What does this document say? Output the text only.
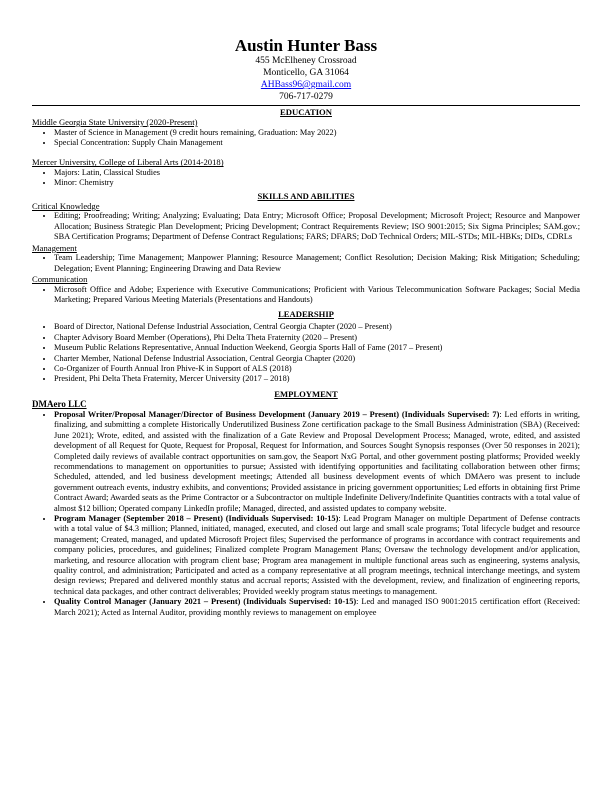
Austin Hunter Bass
455 McElheney Crossroad
Monticello, GA 31064
AHBass96@gmail.com
706-717-0279
EDUCATION
Middle Georgia State University (2020-Present)
• Master of Science in Management (9 credit hours remaining, Graduation: May 2022)
• Special Concentration: Supply Chain Management
Mercer University, College of Liberal Arts (2014-2018)
• Majors: Latin, Classical Studies
• Minor: Chemistry
SKILLS AND ABILITIES
Critical Knowledge
• Editing; Proofreading; Writing; Analyzing; Evaluating; Data Entry; Microsoft Office; Proposal Development; Microsoft Project; Resource and Manpower Allocation; Business Strategic Plan Development; Pricing Development; Contract Requirements Review; ISO 9001:2015; Six Sigma Principles; SAM.gov.; SBA Certification Programs; Department of Defense Contract Regulations; FARS; DFARS; DoD Technical Orders; MIL-STDs; MIL-HBKs; DIDs, CDRLs
Management
• Team Leadership; Time Management; Manpower Planning; Resource Management; Conflict Resolution; Decision Making; Risk Mitigation; Scheduling; Delegation; Event Planning; Engineering Drawing and Data Review
Communication
• Microsoft Office and Adobe; Experience with Executive Communications; Proficient with Various Telecommunication Software Packages; Social Media Marketing; Prepared Various Meeting Materials (Presentations and Handouts)
LEADERSHIP
• Board of Director, National Defense Industrial Association, Central Georgia Chapter (2020 – Present)
• Chapter Advisory Board Member (Operations), Phi Delta Theta Fraternity (2020 – Present)
• Museum Public Relations Representative, Annual Induction Weekend, Georgia Sports Hall of Fame (2017 – Present)
• Charter Member, National Defense Industrial Association, Central Georgia Chapter (2020)
• Co-Organizer of Fourth Annual Iron Phive-K in Support of ALS (2018)
• President, Phi Delta Theta Fraternity, Mercer University (2017 – 2018)
EMPLOYMENT
DMAero LLC
• Proposal Writer/Proposal Manager/Director of Business Development (January 2019 – Present) (Individuals Supervised: 7): Led efforts in writing, finalizing, and submitting a complete Historically Underutilized Business Zone certification package to the Small Business Administration (SBA) (Received: June 2021); Wrote, edited, and assisted with the finalization of a Gate Review and Proposal Development Process; Managed, wrote, edited, and assisted development of all Request for Quote, Request for Proposal, Request for Information, and Sources Sought Synopsis responses (Over 50 responses in 2021); Completed daily reviews of available contract opportunities on sam.gov, the Seaport NxG Portal, and other government posting platforms; Provided weekly recommendations to management on opportunities to pursue; Assisted with identifying opportunities and facilitating collaboration between other firms; Scheduled, attended, and led business development meetings; Attended all business development events of which DMAero was present to include government outreach events, industry exhibits, and conventions; Provided assistance in pricing government opportunities; Led efforts in obtaining first Prime Contract Award; Awarded seats as the Prime Contractor or a Subcontractor on multiple Indefinite Delivery/Indefinite Quantities contracts with a total value of almost $12 billion; Operated company LinkedIn profile; Managed, directed, and assisted updates to company website.
• Program Manager (September 2018 – Present) (Individuals Supervised: 10-15): Lead Program Manager on multiple Department of Defense contracts with a total value of $4.3 million; Planned, initiated, managed, executed, and closed out large and small scale programs; Total lifecycle budget and resource management; Created, managed, and updated Microsoft Project files; Supervised the performance of programs in accordance with contract requirements and company policies, procedures, and guidelines; Finalized complete Program Management Plans; Oversaw the technology development and/or application, marketing, and resource allocation with program client base; Program area management in multiple functional areas such as engineering, systems analysis, quality control, and administration; Participated and acted as a company representative at all program meetings, technical interchange meetings, and system design reviews; Prepared and delivered monthly status and accrual reports; Assisted with the development, review, and finalization of engineering reports, technical data packages, and other contract deliverables; Provided weekly program status meetings to management.
• Quality Control Manager (January 2021 – Present) (Individuals Supervised: 10-15): Led and managed ISO 9001:2015 certification effort (Received: March 2021); Acted as Internal Auditor, providing monthly reviews to management on employee
